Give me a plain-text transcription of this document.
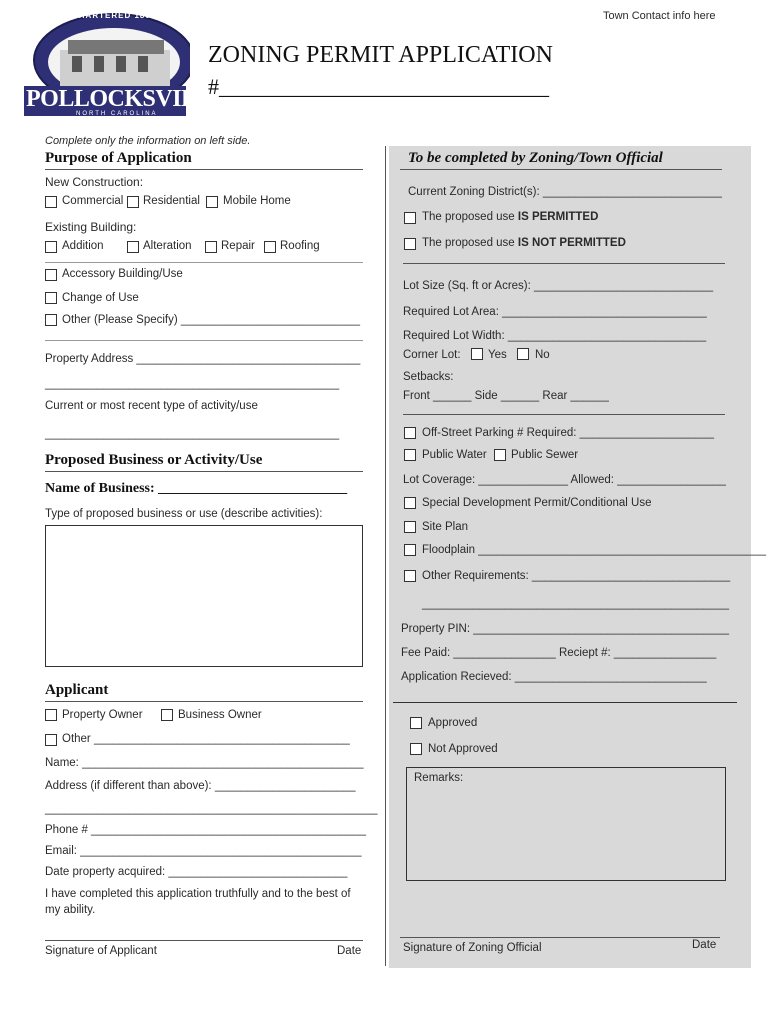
Town Contact info here
CHARTERED 1898
POLLOCKSVILLE
NORTH CAROLINA
ZONING PERMIT APPLICATION
#______________________________
Complete only the information on left side.
Purpose of Application
New Construction:
Commercial Residential Mobile Home
Existing Building:
Addition	Alteration	Repair Roofing
Accessory Building/Use
Change of Use
Other (Please Specify) ____________________________
Property Address ___________________________________
______________________________________________
Current or most recent type of activity/use
______________________________________________
Proposed Business or Activity/Use
Name of Business: ___________________________
Type of proposed business or use (describe activities):
Applicant
Property Owner	Business Owner
Other ________________________________________
Name: ____________________________________________
Address (if different than above): ______________________
____________________________________________________
Phone # ___________________________________________
Email: ____________________________________________
Date property acquired: ____________________________
I have completed this application truthfully and to the best of
my ability.
Signature of Applicant	Date
To be completed by Zoning/Town Official
Current Zoning District(s): ____________________________
The proposed use IS PERMITTED
The proposed use IS NOT PERMITTED
Lot Size (Sq. ft or Acres): ____________________________
Required Lot Area: ________________________________
Required Lot Width: _______________________________
Corner Lot: Yes No
Setbacks:
Front ______ Side ______ Rear ______
Off-Street Parking # Required: _____________________
Public Water Public Sewer
Lot Coverage: ______________ Allowed: _________________
Special Development Permit/Conditional Use
Site Plan
Floodplain _____________________________________________
Other Requirements: _______________________________
________________________________________________
Property PIN: ________________________________________
Fee Paid: ________________ Reciept #: ________________
Application Recieved: ______________________________
Approved
Not Approved
Remarks:
Signature of Zoning Official	Date
